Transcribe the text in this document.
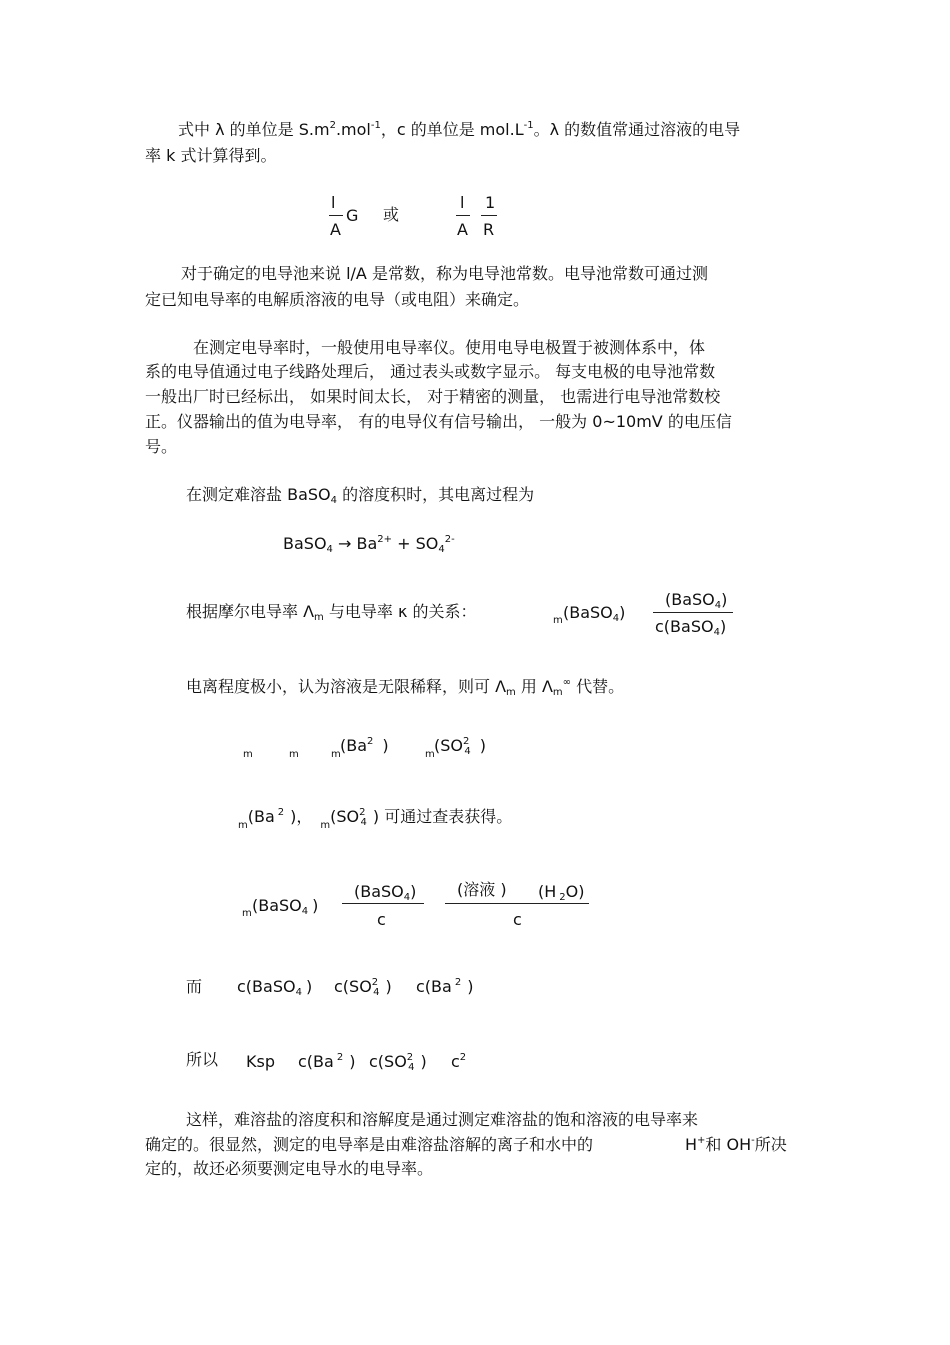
式中 λ 的单位是 $S.m^2.mol^{-1}$，c 的单位是 $mol.L^{-1}$。λ 的数值常通过溶液的电导
率 k 式计算得到。
l
A
G 或
l
A
1
R
对于确定的电导池来说 l/A 是常数，称为电导池常数。电导池常数可通过测
定已知电导率的电解质溶液的电导（或电阻）来确定。
在测定电导率时，一般使用电导率仪。使用电导电极置于被测体系中，体
系的电导值通过电子线路处理后， 通过表头或数字显示。 每支电极的电导池常数
一般出厂时已经标出， 如果时间太长， 对于精密的测量， 也需进行电导池常数校
正。仪器输出的值为电导率， 有的电导仪有信号输出， 一般为 0~10mV 的电压信
号。
在测定难溶盐 BaSO4 的溶度积时，其电离过程为
BaSO4 → $Ba^{2+} + SO4^{2-}$
根据摩尔电导率 Λm 与电导率 κ 的关系：	m (BaSO4)
(BaSO4)
c(BaSO4)
电离程度极小，认为溶液是无限稀释，则可 Λm 用 Λm∞ 代替。
m	m	m (Ba$^2$ )	m ($SO^24$ )
$_m$(Ba $^2$ )， $_m(SO^24$ ) 可通过查表获得。
m (BaSO4 )
(BaSO4)
c
(溶液 ) (H 2O)
c
而 c(BaSO4 ) $c(SO^24$ ) c(Ba $^2$ )
所以 Ksp c(Ba $^2$ ) $c(SO^24$ ) $c^2$
这样，难溶盐的溶度积和溶解度是通过测定难溶盐的饱和溶液的电导率来
确定的。很显然，测定的电导率是由难溶盐溶解的离子和水中的	H+和 OH-所决
定的，故还必须要测定电导水的电导率。
